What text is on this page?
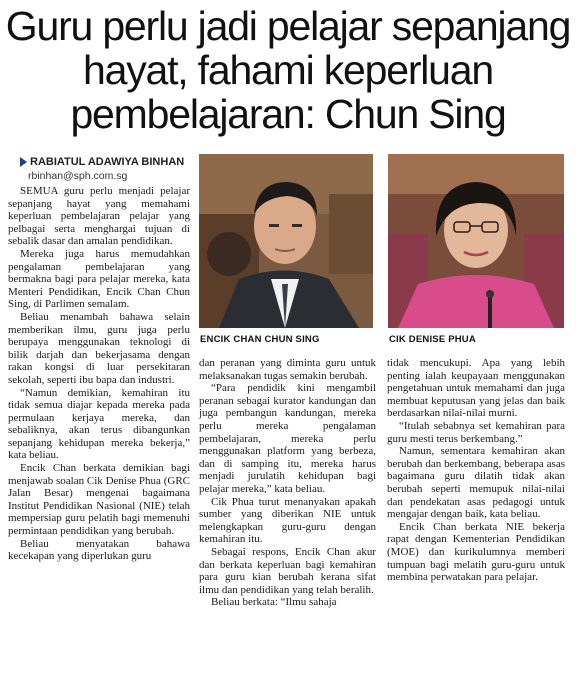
Guru perlu jadi pelajar sepanjang
hayat, fahami keperluan
pembelajaran: Chun Sing
RABIATUL ADAWIYA BINHAN
rbinhan@sph.com.sg
ENCIK CHAN CHUN SING	CIK DENISE PHUA

SEMUA guru perlu menjadi pelajar sepanjang hayat yang memahami keperluan pembelajaran pelajar yang pelbagai serta menghargai tujuan di sebalik dasar dan amalan pendidikan.

Mereka juga harus memudahkan pengalaman pembelajaran yang bermakna bagi para pelajar mereka, kata Menteri Pendidikan, Encik Chan Chun Sing, di Parlimen semalam.

Beliau menambah bahawa selain memberikan ilmu, guru juga perlu berupaya menggunakan teknologi di bilik darjah dan bekerjasama dengan rakan kongsi di luar persekitaran sekolah, seperti ibu bapa dan industri.

“Namun demikian, kemahiran itu tidak semua diajar kepada mereka pada permulaan kerjaya mereka, dan sebaliknya, akan terus dibangunkan sepanjang kehidupan mereka bekerja,” kata beliau.

Encik Chan berkata demikian bagi menjawab soalan Cik Denise Phua (GRC Jalan Besar) mengenai bagaimana Institut Pendidikan Nasional (NIE) telah mempersiap guru pelatih bagi memenuhi permintaan pendidikan yang berubah.

Beliau menyatakan bahawa kecekapan yang diperlukan guru

dan peranan yang diminta guru untuk melaksanakan tugas semakin berubah.

“Para pendidik kini mengambil peranan sebagai kurator kandungan dan juga pembangun kandungan, mereka perlu mereka pengalaman pembelajaran, mereka perlu menggunakan platform yang berbeza, dan di samping itu, mereka harus menjadi jurulatih kehidupan bagi pelajar mereka,” kata beliau.

Cik Phua turut menanyakan apakah sumber yang diberikan NIE untuk melengkapkan guru-guru dengan kemahiran itu.

Sebagai respons, Encik Chan akur dan berkata keperluan bagi kemahiran para guru kian berubah kerana sifat ilmu dan pendidikan yang telah beralih.

Beliau berkata: “Ilmu sahaja

tidak mencukupi. Apa yang lebih penting ialah keupayaan menggunakan pengetahuan untuk memahami dan juga membuat keputusan yang jelas dan baik berdasarkan nilai-nilai murni.

“Itulah sebabnya set kemahiran para guru mesti terus berkembang.”

Namun, sementara kemahiran akan berubah dan berkembang, beberapa asas bagaimana guru dilatih tidak akan berubah seperti memupuk nilai-nilai dan pendekatan asas pedagogi untuk mengajar dengan baik, kata beliau.

Encik Chan berkata NIE bekerja rapat dengan Kementerian Pendidikan (MOE) dan kurikulumnya memberi tumpuan bagi melatih guru-guru untuk membina perwatakan para pelajar.
